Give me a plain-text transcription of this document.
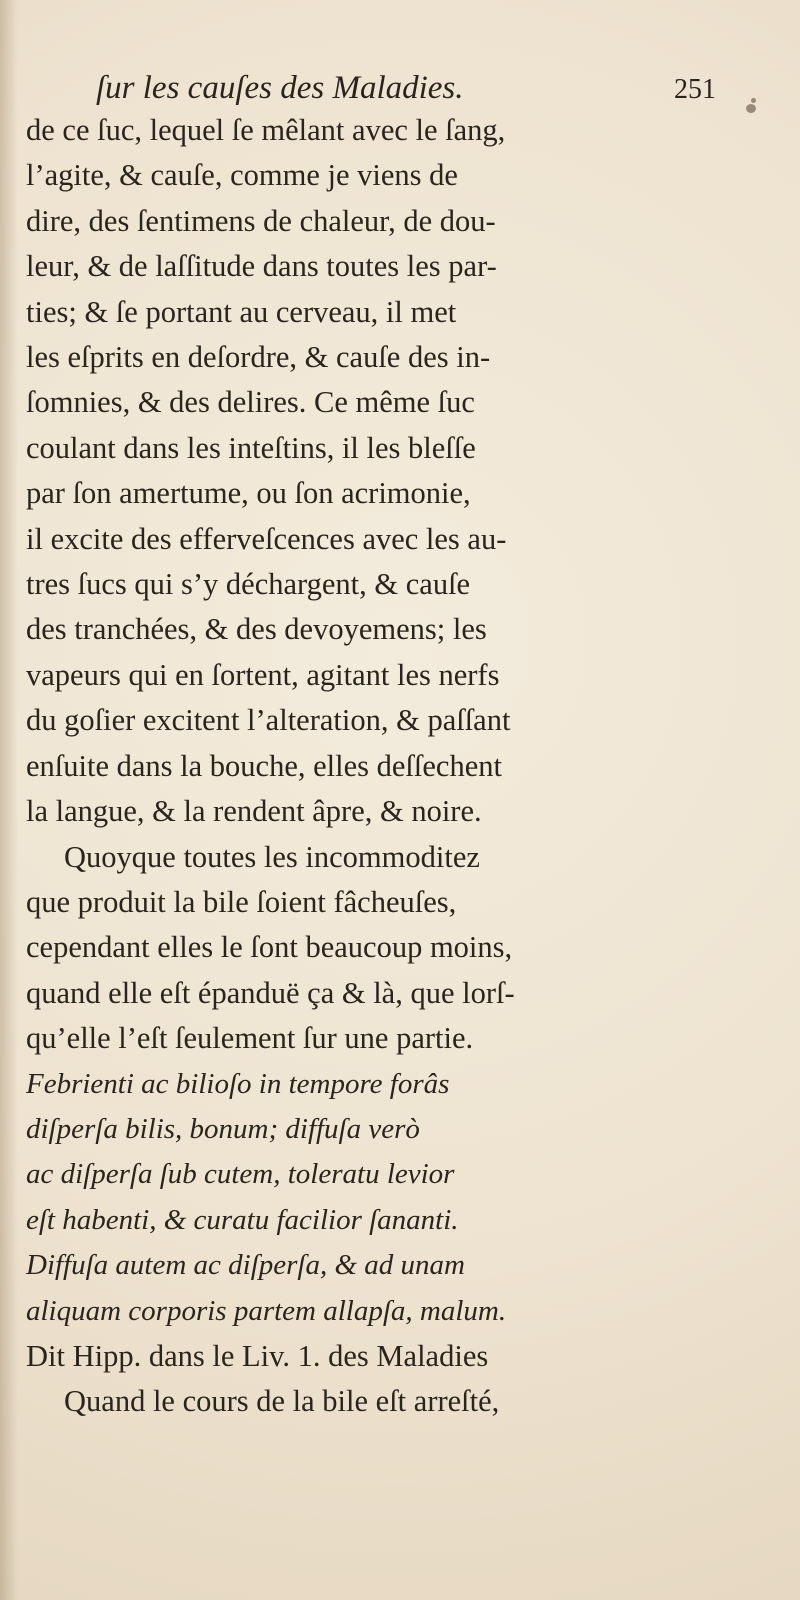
ſur les cauſes des Maladies.	251
de ce ſuc, lequel ſe mêlant avec le ſang,
l’agite, & cauſe, comme je viens de
dire, des ſentimens de chaleur, de dou-
leur, & de laſſitude dans toutes les par-
ties; & ſe portant au cerveau, il met
les eſprits en deſordre, & cauſe des in-
ſomnies, & des delires. Ce même ſuc
coulant dans les inteſtins, il les bleſſe
par ſon amertume, ou ſon acrimonie,
il excite des efferveſcences avec les au-
tres ſucs qui s’y déchargent, & cauſe
des tranchées, & des devoyemens; les
vapeurs qui en ſortent, agitant les nerfs
du goſier excitent l’alteration, & paſſant
enſuite dans la bouche, elles deſſechent
la langue, & la rendent âpre, & noire.
Quoyque toutes les incommoditez
que produit la bile ſoient fâcheuſes,
cependant elles le ſont beaucoup moins,
quand elle eſt épanduë ça & là, que lorſ-
qu’elle l’eſt ſeulement ſur une partie.
Febrienti ac bilioſo in tempore forâs
diſperſa bilis, bonum; diffuſa verò
ac diſperſa ſub cutem, toleratu levior
eſt habenti, & curatu facilior ſananti.
Diffuſa autem ac diſperſa, & ad unam
aliquam corporis partem allapſa, malum.
Dit Hipp. dans le Liv. 1. des Maladies
Quand le cours de la bile eſt arreſté,
